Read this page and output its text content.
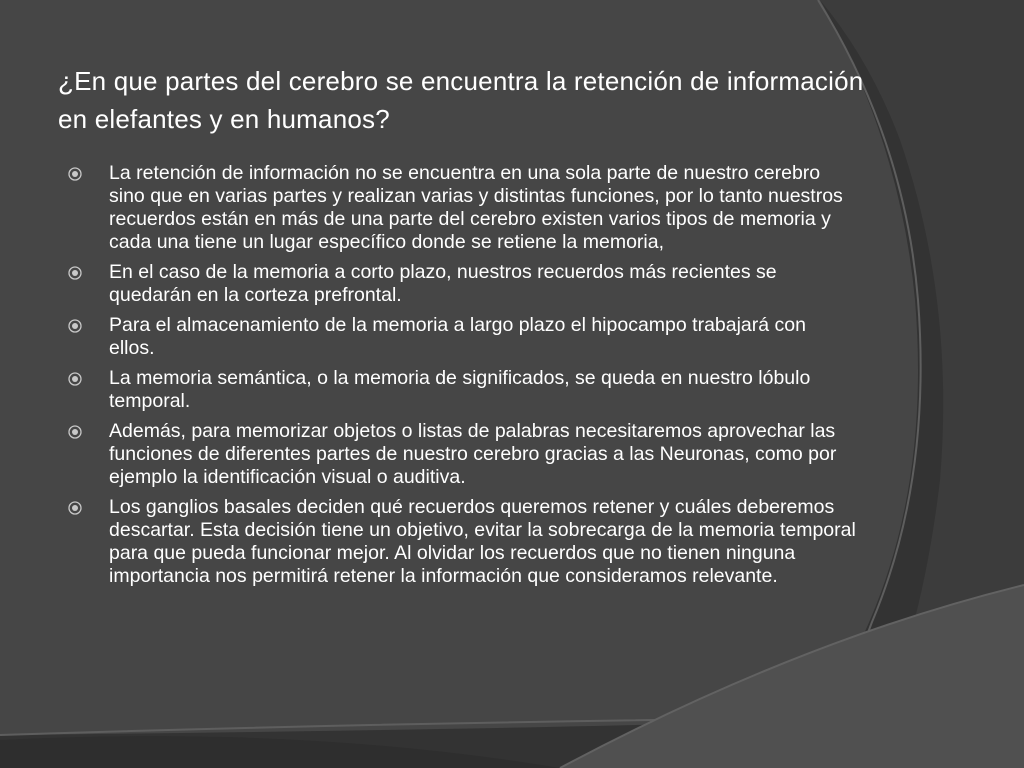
¿En que partes del cerebro se encuentra la retención de información en elefantes y en humanos?
La retención de información no se encuentra en una sola parte de nuestro cerebro sino que en varias partes y realizan varias y distintas funciones, por lo tanto nuestros recuerdos están en más de una parte del cerebro existen varios tipos de memoria y cada una tiene un lugar específico donde se retiene la memoria,
En el caso de la memoria a corto plazo, nuestros recuerdos más recientes se quedarán en la corteza prefrontal.
Para el almacenamiento de la memoria a largo plazo el hipocampo trabajará con ellos.
La memoria semántica, o la memoria de significados, se queda en nuestro lóbulo temporal.
Además, para memorizar objetos o listas de palabras necesitaremos aprovechar las funciones de diferentes partes de nuestro cerebro gracias a las Neuronas, como por ejemplo la identificación visual o auditiva.
Los ganglios basales deciden qué recuerdos queremos retener y cuáles deberemos descartar. Esta decisión tiene un objetivo, evitar la sobrecarga de la memoria temporal para que pueda funcionar mejor. Al olvidar los recuerdos que no tienen ninguna importancia nos permitirá retener la información que consideramos relevante.
